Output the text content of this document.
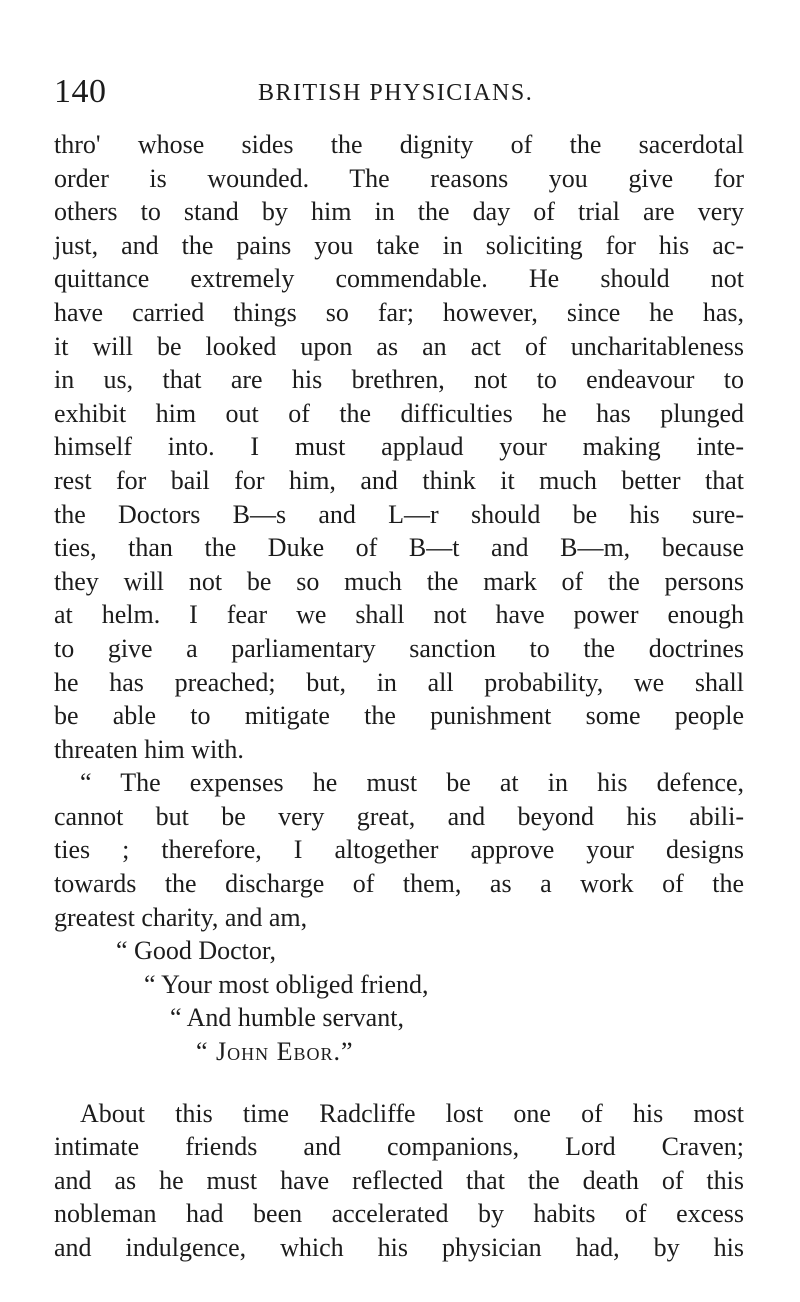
140	BRITISH PHYSICIANS.
thro' whose sides the dignity of the sacerdotal
order is wounded. The reasons you give for
others to stand by him in the day of trial are very
just, and the pains you take in soliciting for his ac-
quittance extremely commendable. He should not
have carried things so far; however, since he has,
it will be looked upon as an act of uncharitableness
in us, that are his brethren, not to endeavour to
exhibit him out of the difficulties he has plunged
himself into. I must applaud your making inte-
rest for bail for him, and think it much better that
the Doctors B—s and L—r should be his sure-
ties, than the Duke of B—t and B—m, because
they will not be so much the mark of the persons
at helm. I fear we shall not have power enough
to give a parliamentary sanction to the doctrines
he has preached; but, in all probability, we shall
be able to mitigate the punishment some people
threaten him with.
“ The expenses he must be at in his defence,
cannot but be very great, and beyond his abili-
ties ; therefore, I altogether approve your designs
towards the discharge of them, as a work of the
greatest charity, and am,
“ Good Doctor,
“ Your most obliged friend,
“ And humble servant,
“ John Ebor.”
About this time Radcliffe lost one of his most
intimate friends and companions, Lord Craven;
and as he must have reflected that the death of this
nobleman had been accelerated by habits of excess
and indulgence, which his physician had, by his
